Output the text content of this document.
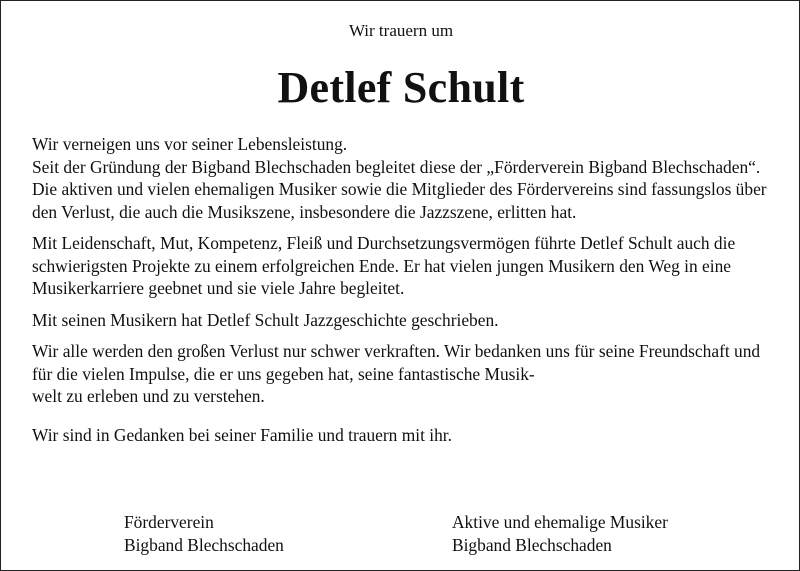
Wir trauern um
Detlef Schult

Wir verneigen uns vor seiner Lebensleistung.
Seit der Gründung der Bigband Blechschaden begleitet diese der „Förderverein Bigband Blechschaden“. Die aktiven und vielen ehemaligen Musiker sowie die Mitglieder des Fördervereins sind fassungslos über den Verlust, die auch die Musikszene, insbesondere die Jazzszene, erlitten hat.

Mit Leidenschaft, Mut, Kompetenz, Fleiß und Durchsetzungsvermögen führte Detlef Schult auch die schwierigsten Projekte zu einem erfolgreichen Ende. Er hat vielen jungen Musikern den Weg in eine Musikerkarriere geebnet und sie viele Jahre begleitet.

Mit seinen Musikern hat Detlef Schult Jazzgeschichte geschrieben.

Wir alle werden den großen Verlust nur schwer verkraften. Wir bedanken uns für seine Freundschaft und für die vielen Impulse, die er uns gegeben hat, seine fantastische Musik-
welt zu erleben und zu verstehen.

Wir sind in Gedanken bei seiner Familie und trauern mit ihr.

Förderverein
Bigband Blechschaden
Aktive und ehemalige Musiker
Bigband Blechschaden
